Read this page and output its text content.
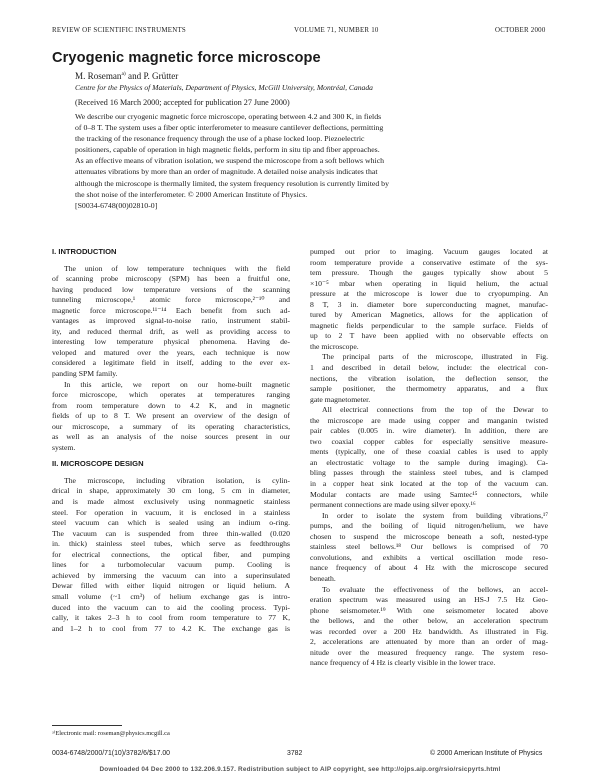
REVIEW OF SCIENTIFIC INSTRUMENTS	VOLUME 71, NUMBER 10	OCTOBER 2000
Cryogenic magnetic force microscope
M. Roseman$^{a)}$ and P. Grütter
Centre for the Physics of Materials, Department of Physics, McGill University, Montréal, Canada
(Received 16 March 2000; accepted for publication 27 June 2000)
We describe our cryogenic magnetic force microscope, operating between 4.2 and 300 K, in fields
of 0–8 T. The system uses a fiber optic interferometer to measure cantilever deflections, permitting
the tracking of the resonance frequency through the use of a phase locked loop. Piezoelectric
positioners, capable of operation in high magnetic fields, perform in situ tip and fiber approaches.
As an effective means of vibration isolation, we suspend the microscope from a soft bellows which
attenuates vibrations by more than an order of magnitude. A detailed noise analysis indicates that
although the microscope is thermally limited, the system frequency resolution is currently limited by
the shot noise of the interferometer. © 2000 American Institute of Physics.
[S0034-6748(00)02810-0]
I. INTRODUCTION
The union of low temperature techniques with the field
of scanning probe microscopy (SPM) has been a fruitful one,
having produced low temperature versions of the scanning
tunneling microscope,¹ atomic force microscope,²⁻¹⁰ and
magnetic force microscope.¹¹⁻¹⁴ Each benefit from such ad-
vantages as improved signal-to-noise ratio, instrument stabil-
ity, and reduced thermal drift, as well as providing access to
interesting low temperature physical phenomena. Having de-
veloped and matured over the years, each technique is now
considered a legitimate field in itself, adding to the ever ex-
panding SPM family.
In this article, we report on our home-built magnetic
force microscope, which operates at temperatures ranging
from room temperature down to 4.2 K, and in magnetic
fields of up to 8 T. We present an overview of the design of
our microscope, a summary of its operating characteristics,
as well as an analysis of the noise sources present in our
system.
II. MICROSCOPE DESIGN
The microscope, including vibration isolation, is cylin-
drical in shape, approximately 30 cm long, 5 cm in diameter,
and is made almost exclusively using nonmagnetic stainless
steel. For operation in vacuum, it is enclosed in a stainless
steel vacuum can which is sealed using an indium o-ring.
The vacuum can is suspended from three thin-walled (0.020
in. thick) stainless steel tubes, which serve as feedthroughs
for electrical connections, the optical fiber, and pumping
lines for a turbomolecular vacuum pump. Cooling is
achieved by immersing the vacuum can into a superinsulated
Dewar filled with either liquid nitrogen or liquid helium. A
small volume (~1 cm³) of helium exchange gas is intro-
duced into the vacuum can to aid the cooling process. Typi-
cally, it takes 2–3 h to cool from room temperature to 77 K,
and 1–2 h to cool from 77 to 4.2 K. The exchange gas is
pumped out prior to imaging. Vacuum gauges located at
room temperature provide a conservative estimate of the sys-
tem pressure. Though the gauges typically show about 5
×10⁻⁵ mbar when operating in liquid helium, the actual
pressure at the microscope is lower due to cryopumping. An
8 T, 3 in. diameter bore superconducting magnet, manufac-
tured by American Magnetics, allows for the application of
magnetic fields perpendicular to the sample surface. Fields of
up to 2 T have been applied with no observable effects on
the microscope.
The principal parts of the microscope, illustrated in Fig.
1 and described in detail below, include: the electrical con-
nections, the vibration isolation, the deflection sensor, the
sample positioner, the thermometry apparatus, and a flux
gate magnetometer.
All electrical connections from the top of the Dewar to
the microscope are made using copper and manganin twisted
pair cables (0.005 in. wire diameter). In addition, there are
two coaxial copper cables for especially sensitive measure-
ments (typically, one of these coaxial cables is used to apply
an electrostatic voltage to the sample during imaging). Ca-
bling passes through the stainless steel tubes, and is clamped
in a copper heat sink located at the top of the vacuum can.
Modular contacts are made using Samtec¹⁵ connectors, while
permanent connections are made using silver epoxy.¹⁶
In order to isolate the system from building vibrations,¹⁷
pumps, and the boiling of liquid nitrogen/helium, we have
chosen to suspend the microscope beneath a soft, nested-type
stainless steel bellows.¹⁸ Our bellows is comprised of 70
convolutions, and exhibits a vertical oscillation mode reso-
nance frequency of about 4 Hz with the microscope secured
beneath.
To evaluate the effectiveness of the bellows, an accel-
eration spectrum was measured using an HS-J 7.5 Hz Geo-
phone seismometer.¹⁹ With one seismometer located above
the bellows, and the other below, an acceleration spectrum
was recorded over a 200 Hz bandwidth. As illustrated in Fig.
2, accelerations are attenuated by more than an order of mag-
nitude over the measured frequency range. The system reso-
nance frequency of 4 Hz is clearly visible in the lower trace.
ᵃ⁾Electronic mail: roseman@physics.mcgill.ca
0034-6748/2000/71(10)/3782/6/$17.00	3782	© 2000 American Institute of Physics
Downloaded 04 Dec 2000 to 132.206.9.157. Redistribution subject to AIP copyright, see http://ojps.aip.org/rsio/rsicpyrts.html
